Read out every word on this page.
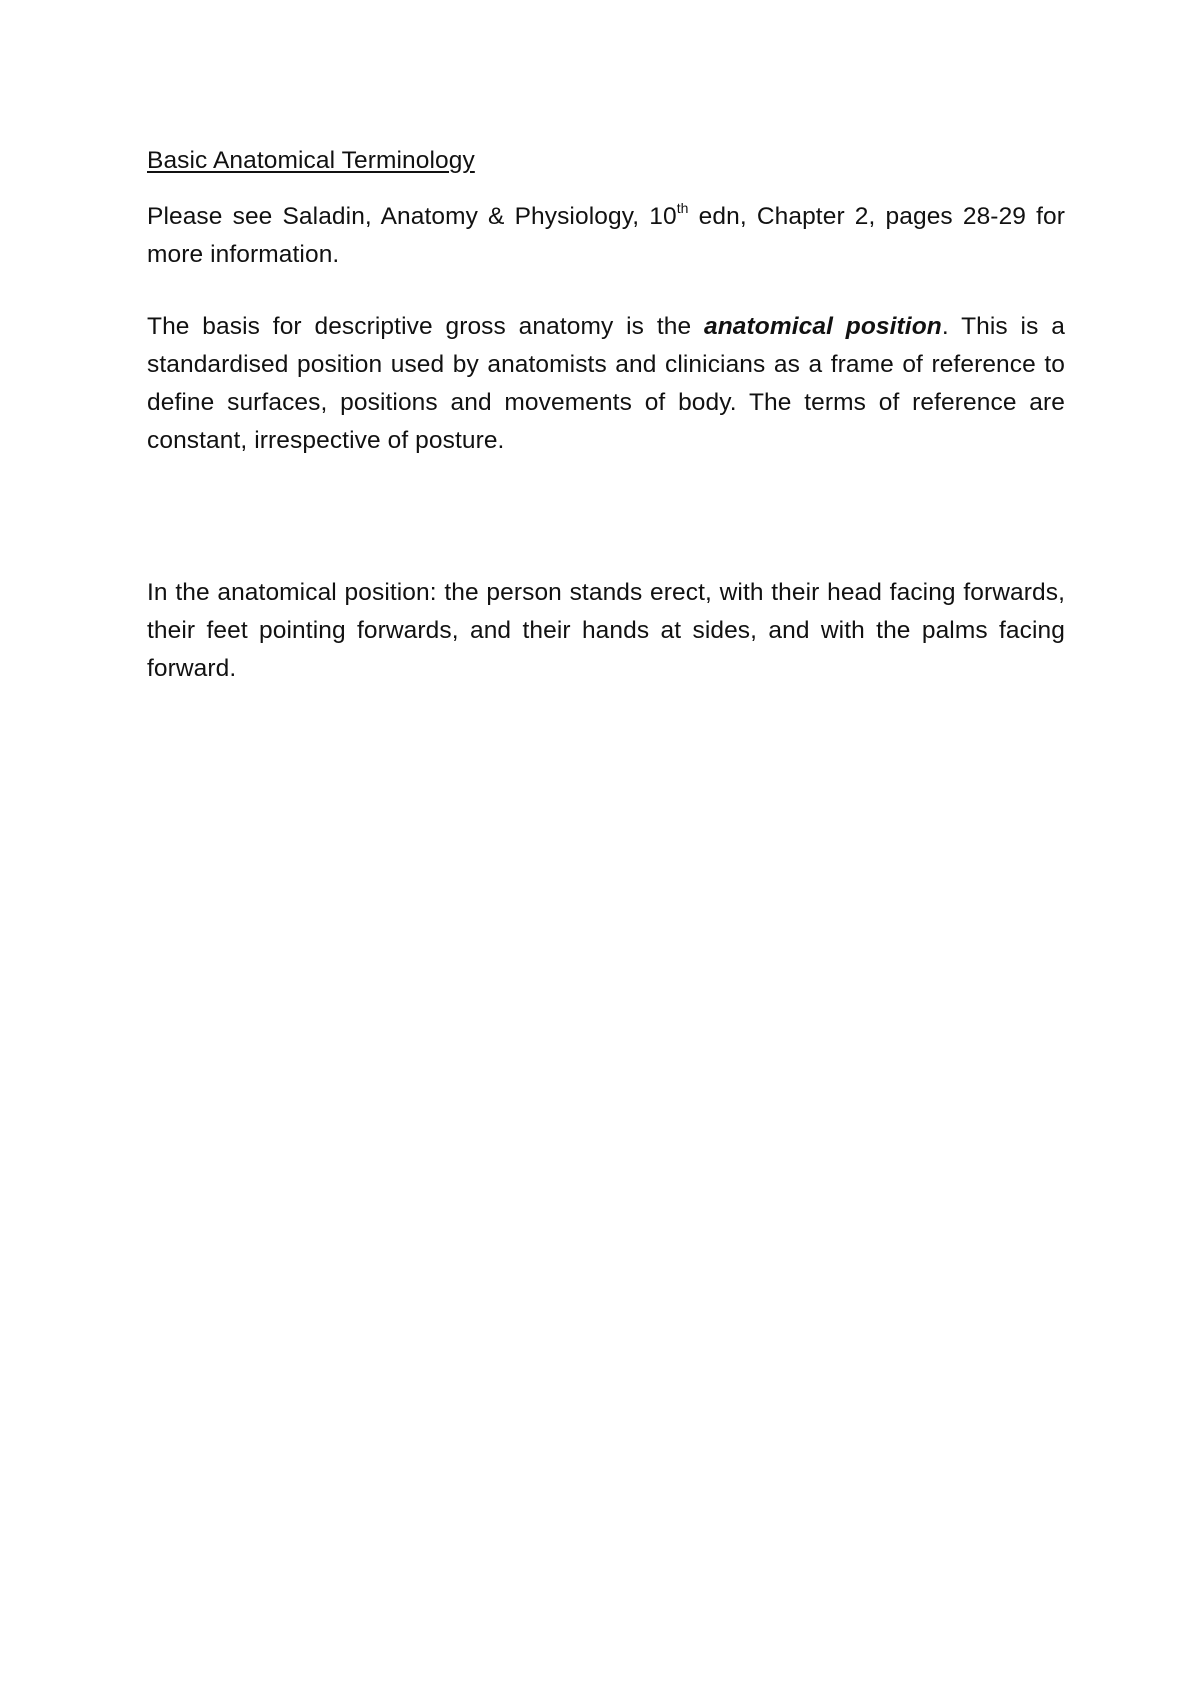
Basic Anatomical Terminology

Please see Saladin, Anatomy & Physiology, 10th edn, Chapter 2, pages 28-29 for more information.

The basis for descriptive gross anatomy is the anatomical position. This is a standardised position used by anatomists and clinicians as a frame of reference to define surfaces, positions and movements of body. The terms of reference are constant, irrespective of posture.

In the anatomical position: the person stands erect, with their head facing forwards, their feet pointing forwards, and their hands at sides, and with the palms facing forward.
